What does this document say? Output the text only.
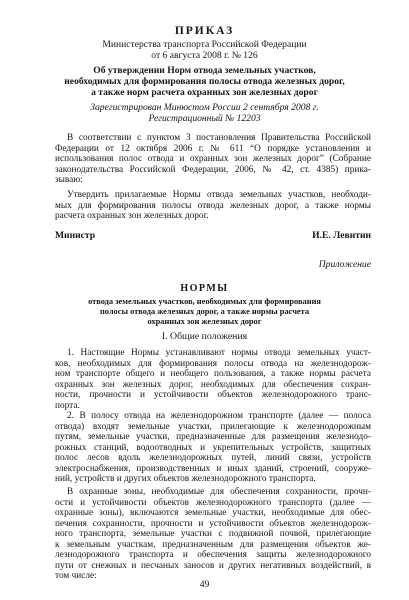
ПРИКАЗ
Министерства транспорта Российской Федерации
от 6 августа 2008 г. № 126
Об утверждении Норм отвода земельных участков,
необходимых для формирования полосы отвода железных дорог,
а также норм расчета охранных зон железных дорог
Зарегистрирован Минюстом России 2 сентября 2008 г.
Регистрационный № 12203
В соответствии с пунктом 3 постановления Правительства Российской
Федерации от 12 октября 2006 г. № 611 “О порядке установления и
использования полос отвода и охранных зон железных дорог” (Собрание
законодательства Российской Федерации, 2006, № 42, ст. 4385) прика-
зываю:
Утвердить прилагаемые Нормы отвода земельных участков, необходи-
мых для формирования полосы отвода железных дорог, а также нормы
расчета охранных зон железных дорог.
Министр	И.Е. Левитин
Приложение
НОРМЫ
отвода земельных участков, необходимых для формирования
полосы отвода железных дорог, а также нормы расчета
охранных зон железных дорог
I. Общие положения
1. Настоящие Нормы устанавливают нормы отвода земельных участ-
ков, необходимых для формирования полосы отвода на железнодорож-
ном транспорте общего и необщего пользования, а также нормы расчета
охранных зон железных дорог, необходимых для обеспечения сохран-
ности, прочности и устойчивости объектов железнодорожного транс-
порта.
2. В полосу отвода на железнодорожном транспорте (далее — полоса
отвода) входят земельные участки, прилегающие к железнодорожным
путям, земельные участки, предназначенные для размещения железнодо-
рожных станций, водоотводных и укрепительных устройств, защитных
полос лесов вдоль железнодорожных путей, линий связи, устройств
электроснабжения, производственных и иных зданий, строений, сооруже-
ний, устройств и других объектов железнодорожного транспорта.
В охранные зоны, необходимые для обеспечения сохранности, прочн-
ости и устойчивости объектов железнодорожного транспорта (далее —
охранные зоны), включаются земельные участки, необходимые для обес-
печения сохранности, прочности и устойчивости объектов железнодорож-
ного транспорта, земельные участки с подвижной почвой, прилегающие
к земельным участкам, предназначенным для размещения объектов же-
лезнодорожного транспорта и обеспечения защиты железнодорожного
пути от снежных и песчаных заносов и других негативных воздействий, в
том числе:
49
